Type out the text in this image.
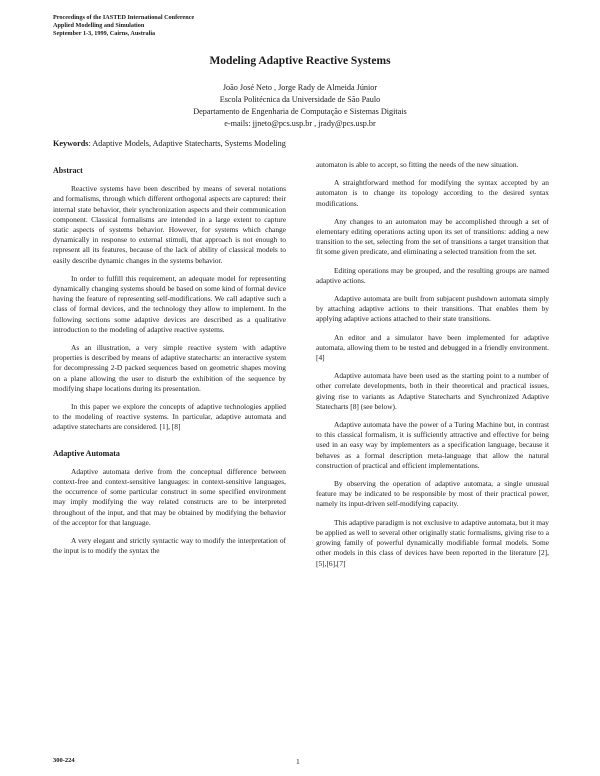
Proceedings of the IASTED International Conference
Applied Modelling and Simulation
September 1-3, 1999, Cairns, Australia
Modeling Adaptive Reactive Systems
João José Neto , Jorge Rady de Almeida Júnior
Escola Politécnica da Universidade de São Paulo
Departamento de Engenharia de Computação e Sistemas Digitais
e-mails: jjneto@pcs.usp.br , jrady@pcs.usp.br
Keywords: Adaptive Models, Adaptive Statecharts, Systems Modeling
Abstract

Reactive systems have been described by means of several notations and formalisms, through which different orthogonal aspects are captured: their internal state behavior, their synchronization aspects and their communication component. Classical formalisms are intended in a large extent to capture static aspects of systems behavior. However, for systems which change dynamically in response to external stimuli, that approach is not enough to represent all its features, because of the lack of ability of classical models to easily describe dynamic changes in the systems behavior.

In order to fulfill this requirement, an adequate model for representing dynamically changing systems should be based on some kind of formal device having the feature of representing self-modifications. We call adaptive such a class of formal devices, and the technology they allow to implement. In the following sections some adaptive devices are described as a qualitative introduction to the modeling of adaptive reactive systems.

As an illustration, a very simple reactive system with adaptive properties is described by means of adaptive statecharts: an interactive system for decompressing 2-D packed sequences based on geometric shapes moving on a plane allowing the user to disturb the exhibition of the sequence by modifying shape locations during its presentation.

In this paper we explore the concepts of adaptive technologies applied to the modeling of reactive systems. In particular, adaptive automata and adaptive statecharts are considered. [1], [8]

Adaptive Automata

Adaptive automata derive from the conceptual difference between context-free and context-sensitive languages: in context-sensitive languages, the occurrence of some particular construct in some specified environment may imply modifying the way related constructs are to be interpreted throughout of the input, and that may be obtained by modifying the behavior of the acceptor for that language.

A very elegant and strictly syntactic way to modify the interpretation of the input is to modify the syntax the

automaton is able to accept, so fitting the needs of the new situation.

A straightforward method for modifying the syntax accepted by an automaton is to change its topology according to the desired syntax modifications.

Any changes to an automaton may be accomplished through a set of elementary editing operations acting upon its set of transitions: adding a new transition to the set, selecting from the set of transitions a target transition that fit some given predicate, and eliminating a selected transition from the set.

Editing operations may be grouped, and the resulting groups are named adaptive actions.

Adaptive automata are built from subjacent pushdown automata simply by attaching adaptive actions to their transitions. That enables them by applying adaptive actions attached to their state transitions.

An editor and a simulator have been implemented for adaptive automata, allowing them to be tested and debugged in a friendly environment.[4]

Adaptive automata have been used as the starting point to a number of other correlate developments, both in their theoretical and practical issues, giving rise to variants as Adaptive Statecharts and Synchronized Adaptive Statecharts [8] (see below).

Adaptive automata have the power of a Turing Machine but, in contrast to this classical formalism, it is sufficiently attractive and effective for being used in an easy way by implementers as a specification language, because it behaves as a formal description meta-language that allow the natural construction of practical and efficient implementations.

By observing the operation of adaptive automata, a single unusual feature may be indicated to be responsible by most of their practical power, namely its input-driven self-modifying capacity.

This adaptive paradigm is not exclusive to adaptive automata, but it may be applied as well to several other originally static formalisms, giving rise to a growing family of powerful dynamically modifiable formal models. Some other models in this class of devices have been reported in the literature [2],[5],[6],[7]

300-224	1
